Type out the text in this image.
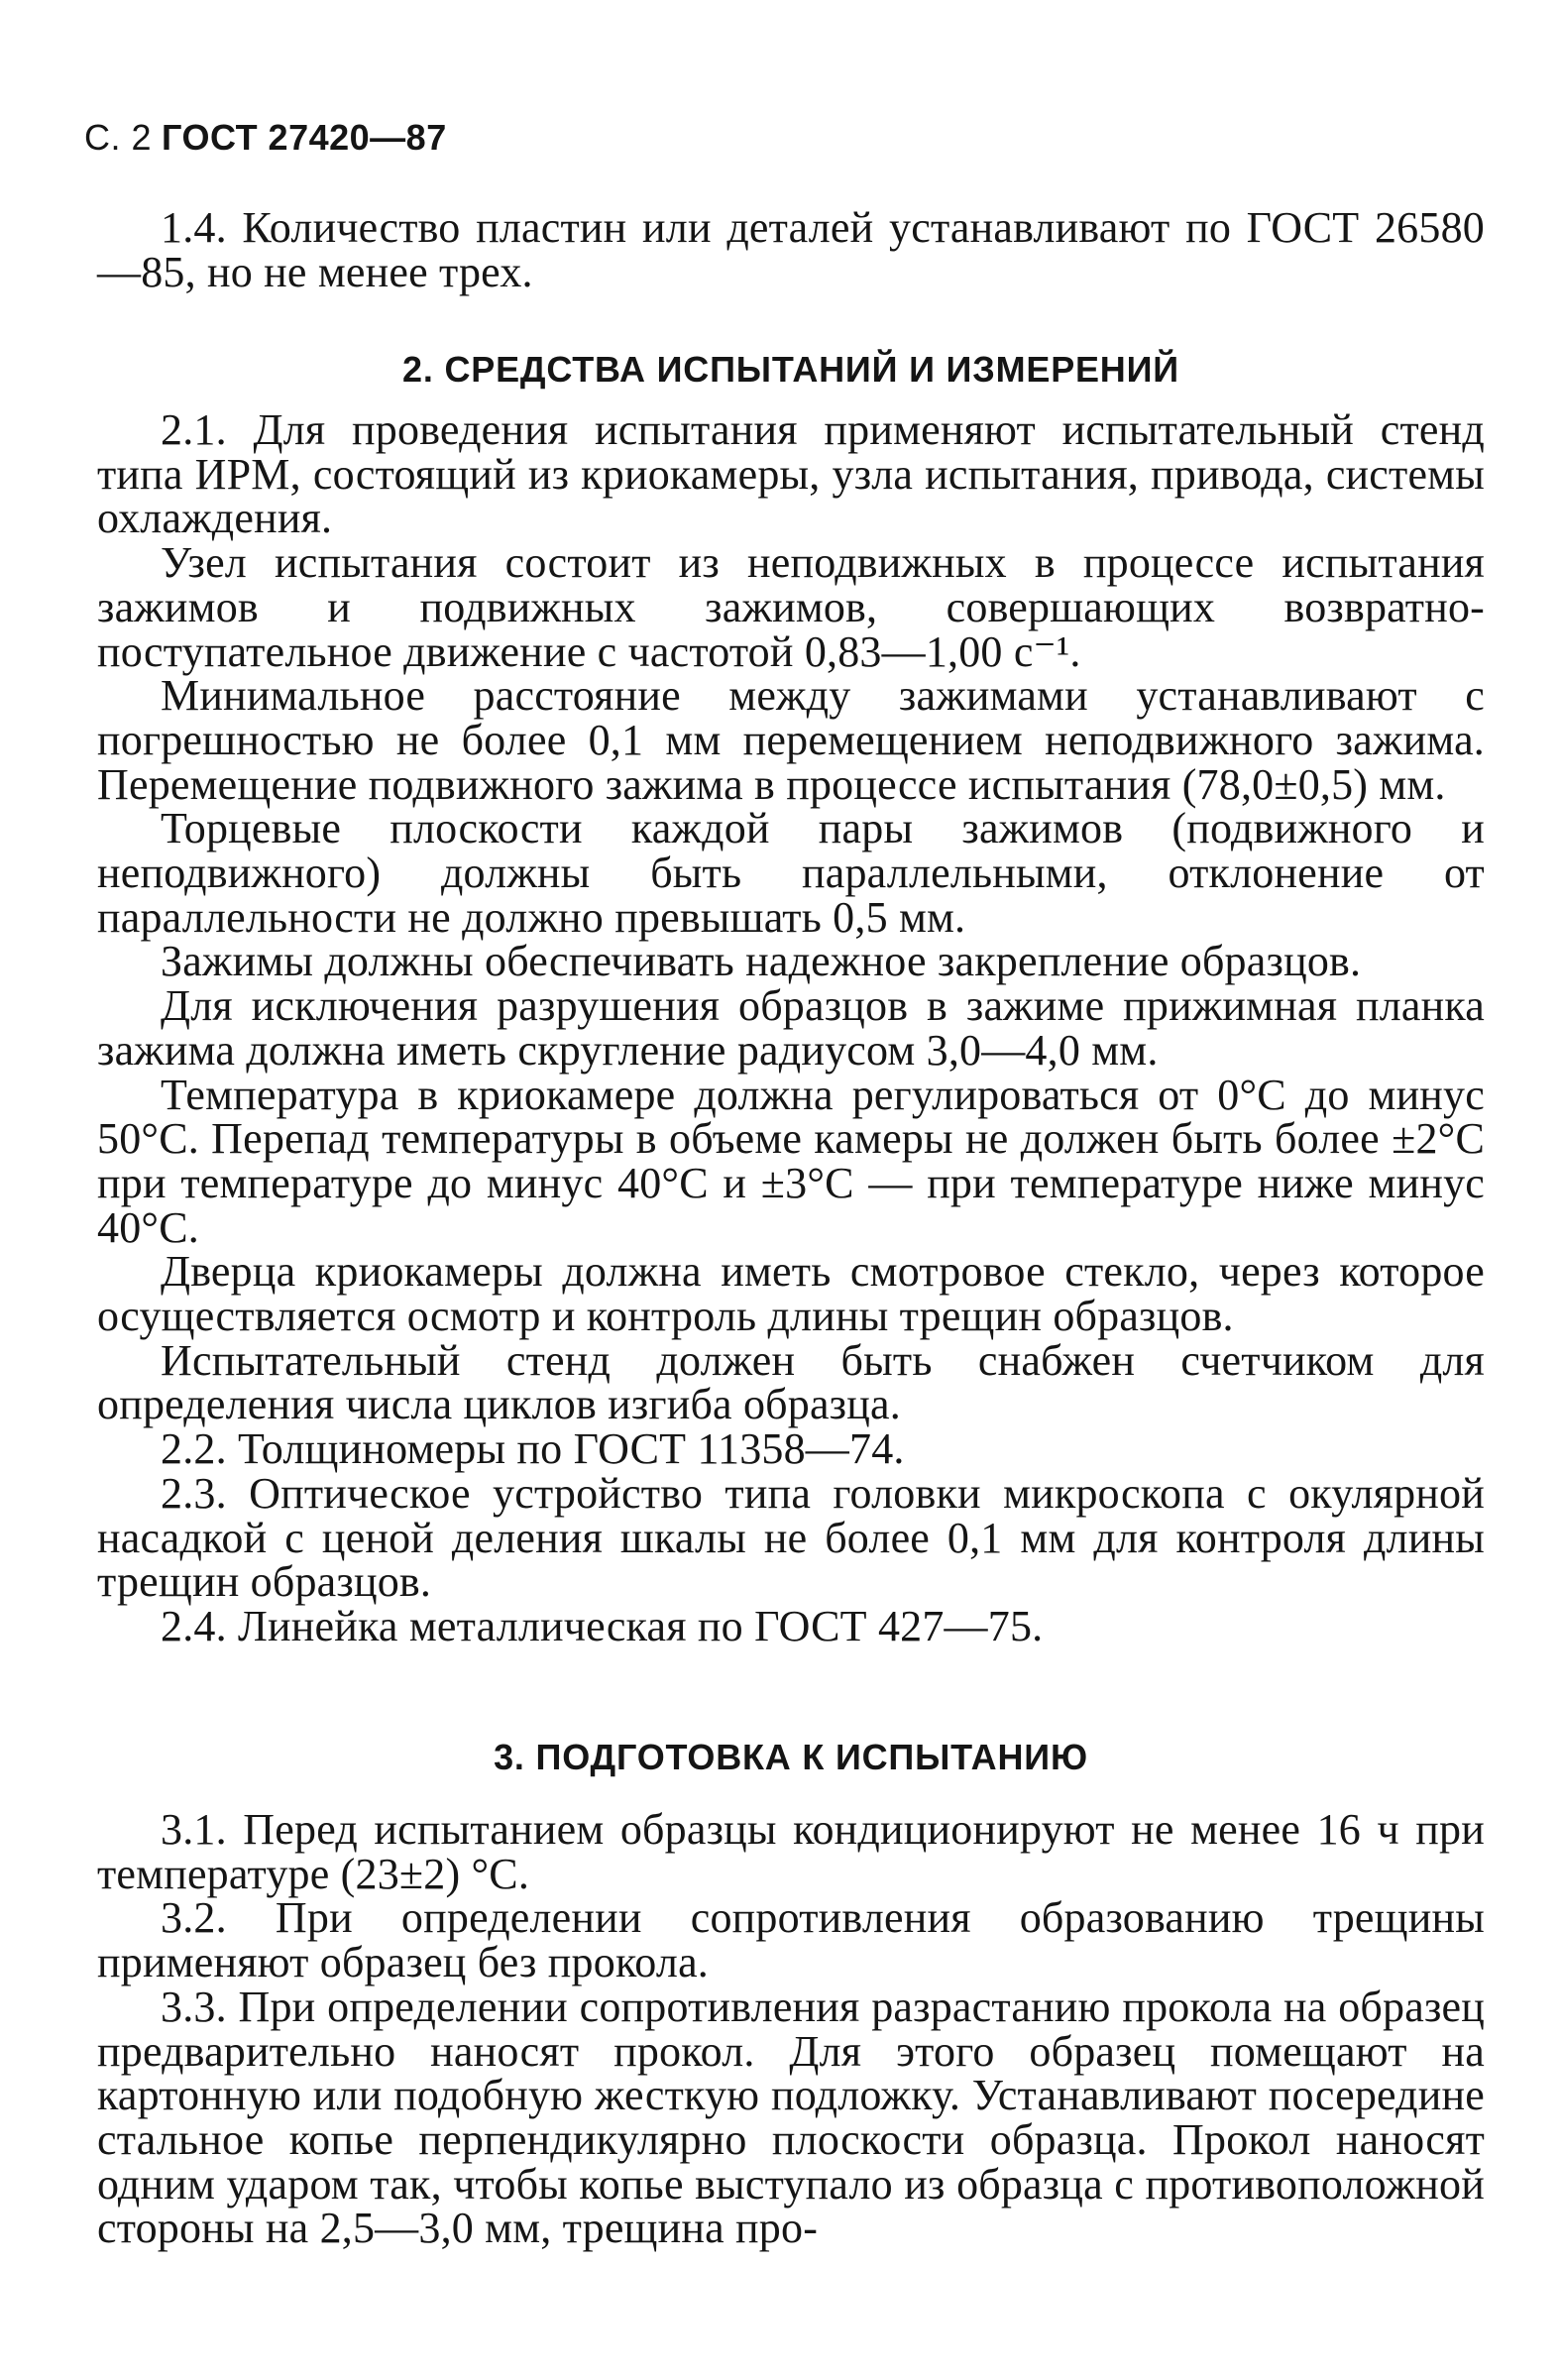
С. 2 ГОСТ 27420—87

1.4. Количество пластин или деталей устанавливают по ГОСТ 26580—85, но не менее трех.

2. СРЕДСТВА ИСПЫТАНИЙ И ИЗМЕРЕНИЙ

2.1. Для проведения испытания применяют испытательный стенд типа ИРМ, состоящий из криокамеры, узла испытания, привода, системы охлаждения.

Узел испытания состоит из неподвижных в процессе испытания зажимов и подвижных зажимов, совершающих возвратно-поступательное движение с частотой 0,83—1,00 с⁻¹.

Минимальное расстояние между зажимами устанавливают с погрешностью не более 0,1 мм перемещением неподвижного зажима. Перемещение подвижного зажима в процессе испытания (78,0±0,5) мм.

Торцевые плоскости каждой пары зажимов (подвижного и неподвижного) должны быть параллельными, отклонение от параллельности не должно превышать 0,5 мм.

Зажимы должны обеспечивать надежное закрепление образцов.

Для исключения разрушения образцов в зажиме прижимная планка зажима должна иметь скругление радиусом 3,0—4,0 мм.

Температура в криокамере должна регулироваться от 0°С до минус 50°С. Перепад температуры в объеме камеры не должен быть более ±2°С при температуре до минус 40°С и ±3°С — при температуре ниже минус 40°С.

Дверца криокамеры должна иметь смотровое стекло, через которое осуществляется осмотр и контроль длины трещин образцов.

Испытательный стенд должен быть снабжен счетчиком для определения числа циклов изгиба образца.

2.2. Толщиномеры по ГОСТ 11358—74.

2.3. Оптическое устройство типа головки микроскопа с окулярной насадкой с ценой деления шкалы не более 0,1 мм для контроля длины трещин образцов.

2.4. Линейка металлическая по ГОСТ 427—75.

3. ПОДГОТОВКА К ИСПЫТАНИЮ

3.1. Перед испытанием образцы кондиционируют не менее 16 ч при температуре (23±2) °С.

3.2. При определении сопротивления образованию трещины применяют образец без прокола.

3.3. При определении сопротивления разрастанию прокола на образец предварительно наносят прокол. Для этого образец помещают на картонную или подобную жесткую подложку. Устанавливают посередине стальное копье перпендикулярно плоскости образца. Прокол наносят одним ударом так, чтобы копье выступало из образца с противоположной стороны на 2,5—3,0 мм, трещина про-
